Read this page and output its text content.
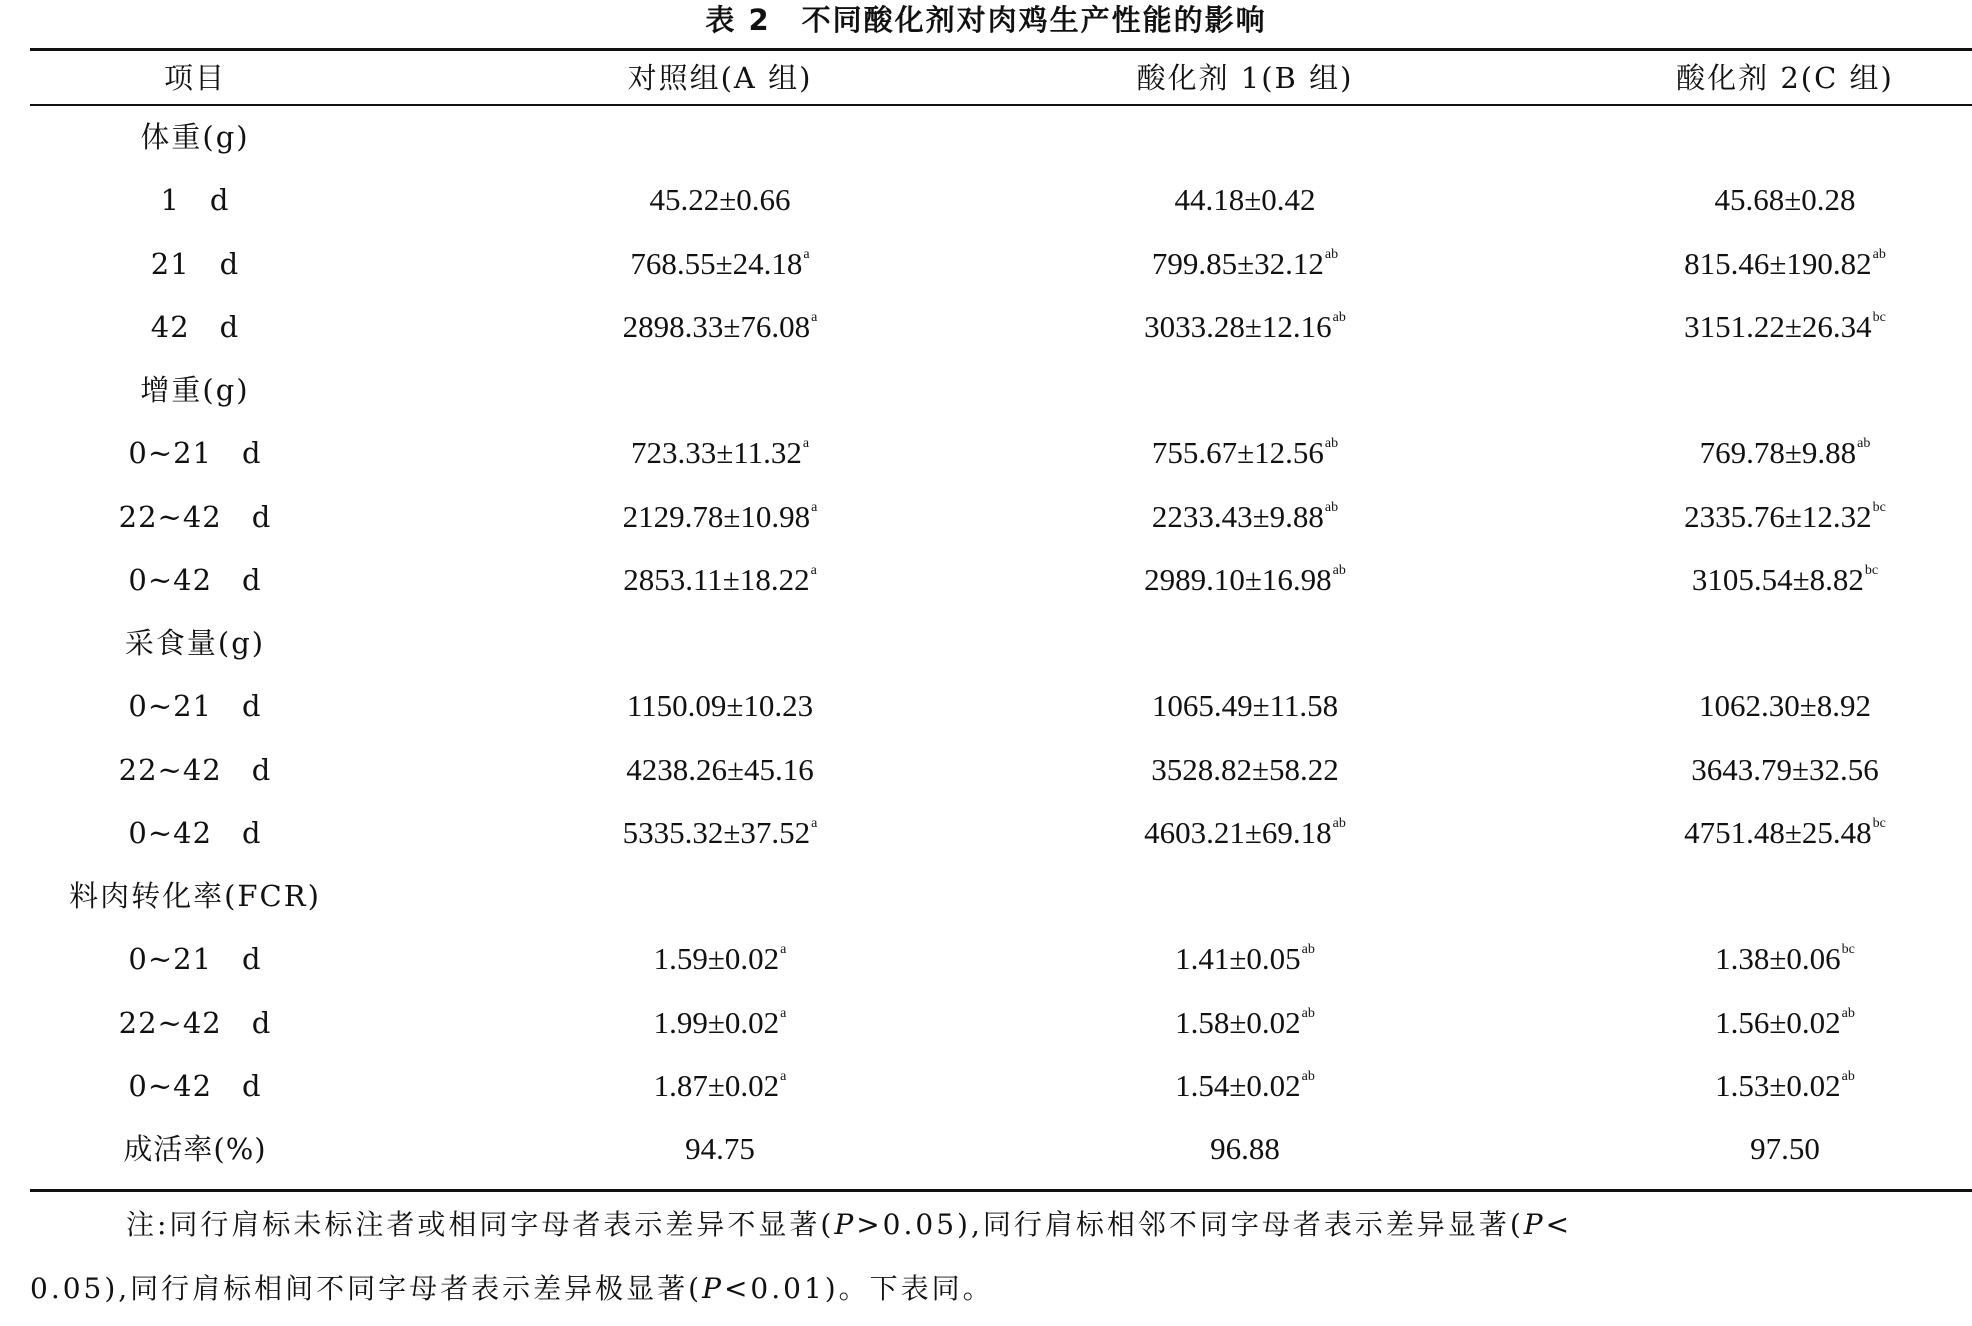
表 2　不同酸化剂对肉鸡生产性能的影响
项目	对照组(A 组)	酸化剂 1(B 组)	酸化剂 2(C 组)
体重(g)
1　d	45.22±0.66	44.18±0.42	45.68±0.28
21　d	768.55±24.18$^a$	799.85±32.12$^{ab}$	815.46±190.82$^{ab}$
42　d	2898.33±76.08$^a$	3033.28±12.16$^{ab}$	3151.22±26.34$^{bc}$
增重(g)
0~21　d	723.33±11.32$^a$	755.67±12.56$^{ab}$	769.78±9.88$^{ab}$
22~42　d	2129.78±10.98$^a$	2233.43±9.88$^{ab}$	2335.76±12.32$^{bc}$
0~42　d	2853.11±18.22$^a$	2989.10±16.98$^{ab}$	3105.54±8.82$^{bc}$
采食量(g)
0~21　d	1150.09±10.23	1065.49±11.58	1062.30±8.92
22~42　d	4238.26±45.16	3528.82±58.22	3643.79±32.56
0~42　d	5335.32±37.52$^a$	4603.21±69.18$^{ab}$	4751.48±25.48$^{bc}$
料肉转化率(FCR)
0~21　d	1.59±0.02$^a$	1.41±0.05$^{ab}$	1.38±0.06$^{bc}$
22~42　d	1.99±0.02$^a$	1.58±0.02$^{ab}$	1.56±0.02$^{ab}$
0~42　d	1.87±0.02$^a$	1.54±0.02$^{ab}$	1.53±0.02$^{ab}$
成活率(%)	94.75	96.88	97.50
注:同行肩标未标注者或相同字母者表示差异不显著(P>0.05),同行肩标相邻不同字母者表示差异显著(P<
0.05),同行肩标相间不同字母者表示差异极显著(P<0.01)。下表同。
